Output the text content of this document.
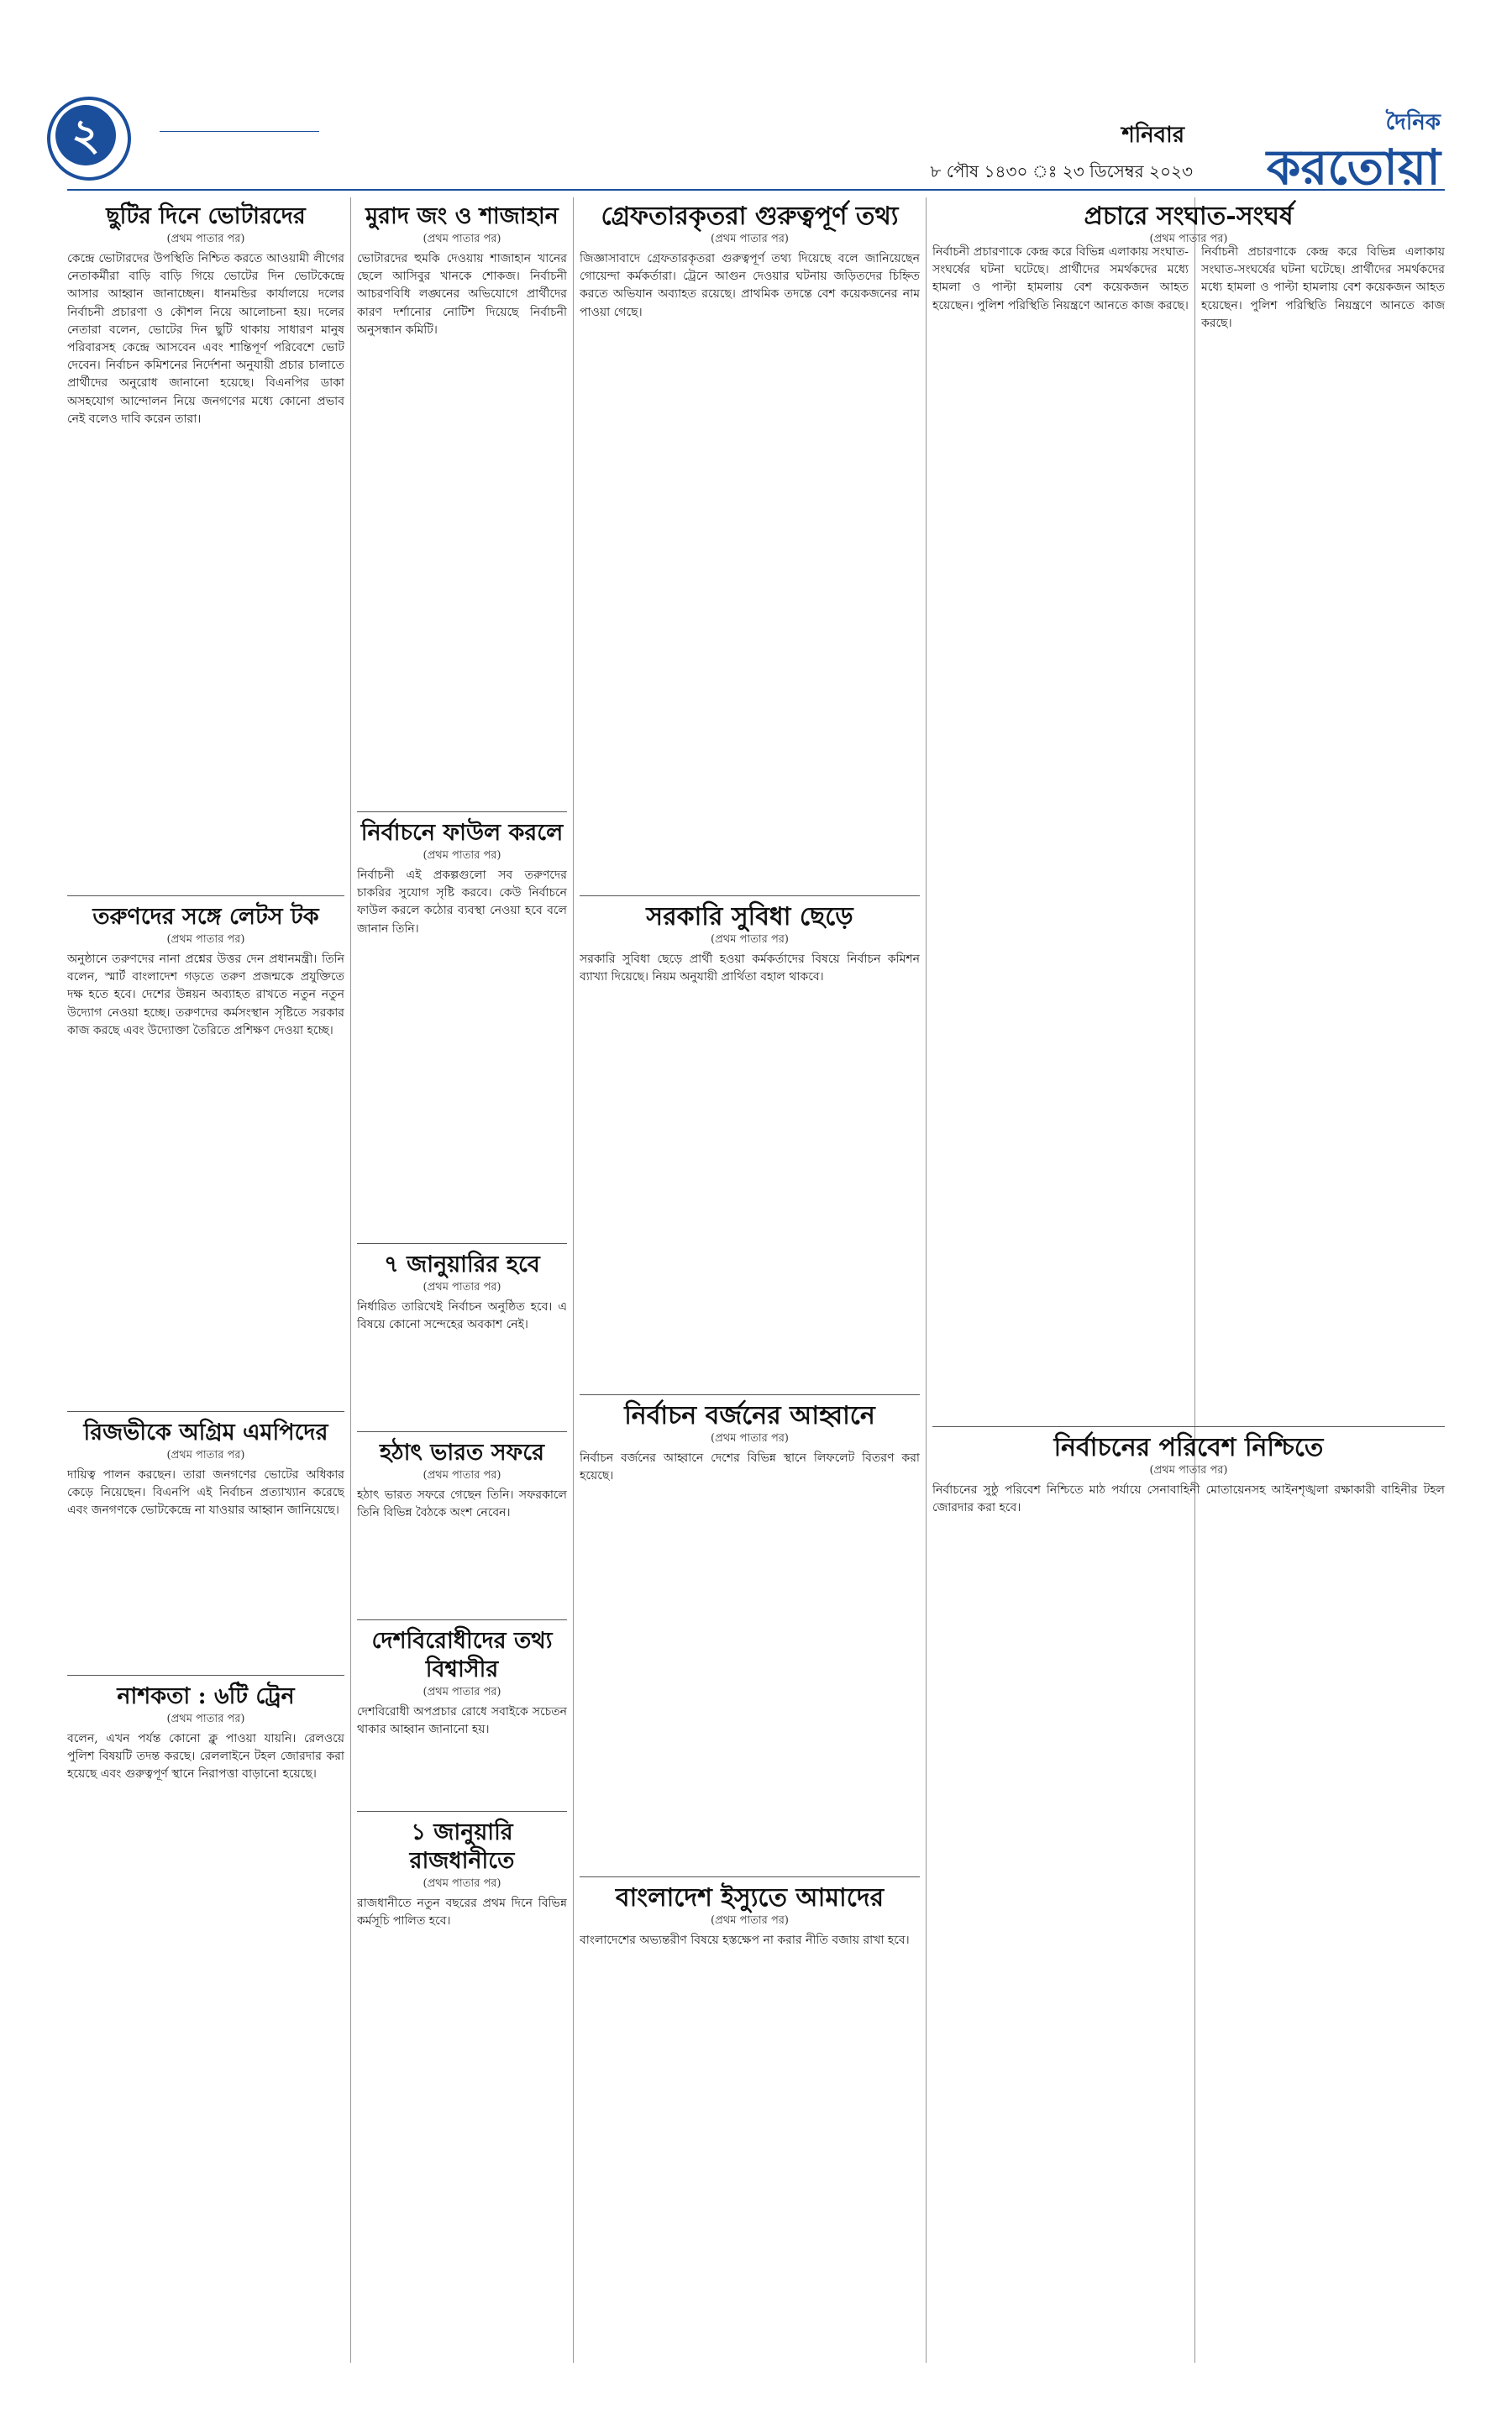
২	শনিবার
৮ পৌষ ১৪৩০ ঃ ২৩ ডিসেম্বর ২০২৩
দৈনিক
করতোয়া
ছুটির দিনে ভোটারদের
(প্রথম পাতার পর)
কেন্দ্রে ভোটারদের উপস্থিতি নিশ্চিত করতে আওয়ামী লীগের নেতাকর্মীরা বাড়ি বাড়ি গিয়ে ভোটের দিন ভোটকেন্দ্রে আসার আহ্বান জানাচ্ছেন। ধানমন্ডির কার্যালয়ে দলের নির্বাচনী প্রচারণা ও কৌশল নিয়ে আলোচনা হয়। দলের নেতারা বলেন, ভোটের দিন ছুটি থাকায় সাধারণ মানুষ পরিবারসহ কেন্দ্রে আসবেন এবং শান্তিপূর্ণ পরিবেশে ভোট দেবেন। নির্বাচন কমিশনের নির্দেশনা অনুযায়ী প্রচার চালাতে প্রার্থীদের অনুরোধ জানানো হয়েছে। বিএনপির ডাকা অসহযোগ আন্দোলন নিয়ে জনগণের মধ্যে কোনো প্রভাব নেই বলেও দাবি করেন তারা।
তরুণদের সঙ্গে লেটস টক
(প্রথম পাতার পর)
অনুষ্ঠানে তরুণদের নানা প্রশ্নের উত্তর দেন প্রধানমন্ত্রী। তিনি বলেন, স্মার্ট বাংলাদেশ গড়তে তরুণ প্রজন্মকে প্রযুক্তিতে দক্ষ হতে হবে। দেশের উন্নয়ন অব্যাহত রাখতে নতুন নতুন উদ্যোগ নেওয়া হচ্ছে। তরুণদের কর্মসংস্থান সৃষ্টিতে সরকার কাজ করছে এবং উদ্যোক্তা তৈরিতে প্রশিক্ষণ দেওয়া হচ্ছে।
রিজভীকে অগ্রিম এমপিদের
(প্রথম পাতার পর)
দায়িত্ব পালন করছেন। তারা জনগণের ভোটের অধিকার কেড়ে নিয়েছেন। বিএনপি এই নির্বাচন প্রত্যাখ্যান করেছে এবং জনগণকে ভোটকেন্দ্রে না যাওয়ার আহ্বান জানিয়েছে।
নাশকতা : ৬টি ট্রেন
(প্রথম পাতার পর)
বলেন, এখন পর্যন্ত কোনো ক্লু পাওয়া যায়নি। রেলওয়ে পুলিশ বিষয়টি তদন্ত করছে। রেললাইনে টহল জোরদার করা হয়েছে এবং গুরুত্বপূর্ণ স্থানে নিরাপত্তা বাড়ানো হয়েছে।
মুরাদ জং ও শাজাহান
(প্রথম পাতার পর)
ভোটারদের হুমকি দেওয়ায় শাজাহান খানের ছেলে আসিবুর খানকে শোকজ। নির্বাচনী আচরণবিধি লঙ্ঘনের অভিযোগে প্রার্থীদের কারণ দর্শানোর নোটিশ দিয়েছে নির্বাচনী অনুসন্ধান কমিটি।
নির্বাচনে ফাউল করলে
(প্রথম পাতার পর)
নির্বাচনী এই প্রকল্পগুলো সব তরুণদের চাকরির সুযোগ সৃষ্টি করবে। কেউ নির্বাচনে ফাউল করলে কঠোর ব্যবস্থা নেওয়া হবে বলে জানান তিনি।
৭ জানুয়ারির হবে
(প্রথম পাতার পর)
নির্ধারিত তারিখেই নির্বাচন অনুষ্ঠিত হবে। এ বিষয়ে কোনো সন্দেহের অবকাশ নেই।
হঠাৎ ভারত সফরে
(প্রথম পাতার পর)
হঠাৎ ভারত সফরে গেছেন তিনি। সফরকালে তিনি বিভিন্ন বৈঠকে অংশ নেবেন।
দেশবিরোধীদের তথ্য বিশ্বাসীর
(প্রথম পাতার পর)
দেশবিরোধী অপপ্রচার রোধে সবাইকে সচেতন থাকার আহ্বান জানানো হয়।
১ জানুয়ারি রাজধানীতে
(প্রথম পাতার পর)
রাজধানীতে নতুন বছরের প্রথম দিনে বিভিন্ন কর্মসূচি পালিত হবে।
গ্রেফতারকৃতরা গুরুত্বপূর্ণ তথ্য
(প্রথম পাতার পর)
জিজ্ঞাসাবাদে গ্রেফতারকৃতরা গুরুত্বপূর্ণ তথ্য দিয়েছে বলে জানিয়েছেন গোয়েন্দা কর্মকর্তারা। ট্রেনে আগুন দেওয়ার ঘটনায় জড়িতদের চিহ্নিত করতে অভিযান অব্যাহত রয়েছে। প্রাথমিক তদন্তে বেশ কয়েকজনের নাম পাওয়া গেছে।
সরকারি সুবিধা ছেড়ে
(প্রথম পাতার পর)
সরকারি সুবিধা ছেড়ে প্রার্থী হওয়া কর্মকর্তাদের বিষয়ে নির্বাচন কমিশন ব্যাখ্যা দিয়েছে। নিয়ম অনুযায়ী প্রার্থিতা বহাল থাকবে।
নির্বাচন বর্জনের আহ্বানে
(প্রথম পাতার পর)
নির্বাচন বর্জনের আহ্বানে দেশের বিভিন্ন স্থানে লিফলেট বিতরণ করা হয়েছে।
বাংলাদেশ ইস্যুতে আমাদের
(প্রথম পাতার পর)
বাংলাদেশের অভ্যন্তরীণ বিষয়ে হস্তক্ষেপ না করার নীতি বজায় রাখা হবে।
প্রচারে সংঘাত-সংঘর্ষ
(প্রথম পাতার পর)
নির্বাচনী প্রচারণাকে কেন্দ্র করে বিভিন্ন এলাকায় সংঘাত-সংঘর্ষের ঘটনা ঘটেছে। প্রার্থীদের সমর্থকদের মধ্যে হামলা ও পাল্টা হামলায় বেশ কয়েকজন আহত হয়েছেন। পুলিশ পরিস্থিতি নিয়ন্ত্রণে আনতে কাজ করছে।
নির্বাচনী প্রচারণাকে কেন্দ্র করে বিভিন্ন এলাকায় সংঘাত-সংঘর্ষের ঘটনা ঘটেছে। প্রার্থীদের সমর্থকদের মধ্যে হামলা ও পাল্টা হামলায় বেশ কয়েকজন আহত হয়েছেন। পুলিশ পরিস্থিতি নিয়ন্ত্রণে আনতে কাজ করছে।
নির্বাচনের পরিবেশ নিশ্চিতে
(প্রথম পাতার পর)
নির্বাচনের সুষ্ঠু পরিবেশ নিশ্চিতে মাঠ পর্যায়ে সেনাবাহিনী মোতায়েনসহ আইনশৃঙ্খলা রক্ষাকারী বাহিনীর টহল জোরদার করা হবে।
